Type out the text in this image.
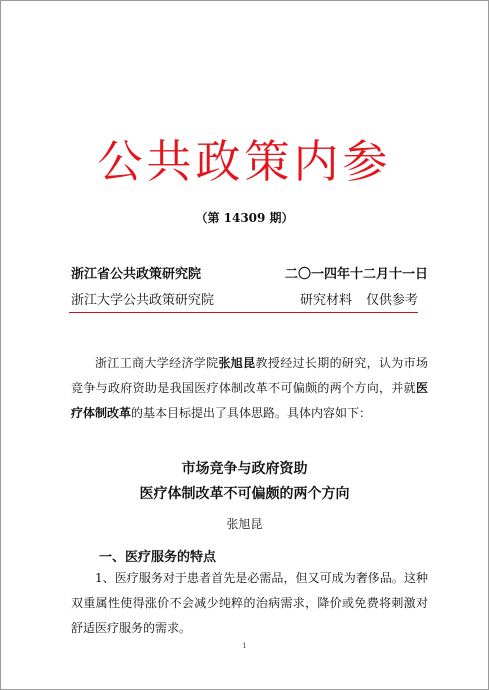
公共政策内参
（第 14309 期）
浙江省公共政策研究院	二〇一四年十二月十一日
浙江大学公共政策研究院	研究材料 仅供参考

浙江工商大学经济学院张旭昆教授经过长期的研究，认为市场竞争与政府资助是我国医疗体制改革不可偏颇的两个方向，并就医疗体制改革的基本目标提出了具体思路。具体内容如下：

市场竞争与政府资助
医疗体制改革不可偏颇的两个方向
张旭昆
一、医疗服务的特点

1、医疗服务对于患者首先是必需品，但又可成为奢侈品。这种双重属性使得涨价不会减少纯粹的治病需求，降价或免费将刺激对舒适医疗服务的需求。

1
